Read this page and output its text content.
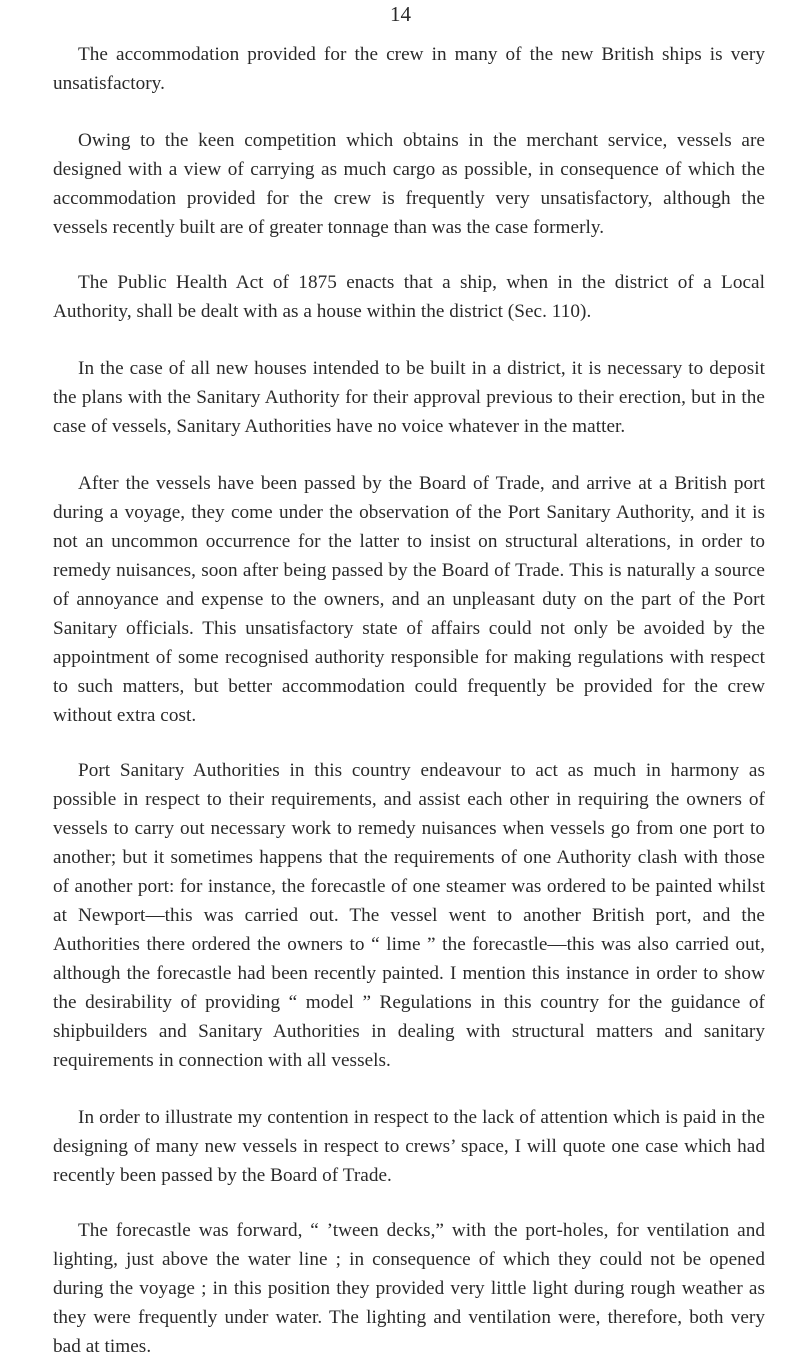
14

The accommodation provided for the crew in many of the new British ships is very unsatisfactory.

Owing to the keen competition which obtains in the merchant service, vessels are designed with a view of carrying as much cargo as possible, in consequence of which the accommodation provided for the crew is frequently very unsatisfactory, although the vessels recently built are of greater tonnage than was the case formerly.

The Public Health Act of 1875 enacts that a ship, when in the district of a Local Authority, shall be dealt with as a house within the district (Sec. 110).

In the case of all new houses intended to be built in a district, it is necessary to deposit the plans with the Sanitary Authority for their approval previous to their erection, but in the case of vessels, Sanitary Authorities have no voice whatever in the matter.

After the vessels have been passed by the Board of Trade, and arrive at a British port during a voyage, they come under the observation of the Port Sanitary Authority, and it is not an uncommon occurrence for the latter to insist on structural alterations, in order to remedy nuisances, soon after being passed by the Board of Trade. This is naturally a source of annoyance and expense to the owners, and an unpleasant duty on the part of the Port Sanitary officials. This unsatisfactory state of affairs could not only be avoided by the appointment of some recognised authority responsible for making regulations with respect to such matters, but better accommodation could frequently be provided for the crew without extra cost.

Port Sanitary Authorities in this country endeavour to act as much in harmony as possible in respect to their requirements, and assist each other in requiring the owners of vessels to carry out necessary work to remedy nuisances when vessels go from one port to another; but it sometimes happens that the requirements of one Authority clash with those of another port: for instance, the forecastle of one steamer was ordered to be painted whilst at Newport—this was carried out. The vessel went to another British port, and the Authorities there ordered the owners to “ lime ” the forecastle—this was also carried out, although the forecastle had been recently painted. I mention this instance in order to show the desirability of providing “ model ” Regulations in this country for the guidance of shipbuilders and Sanitary Authorities in dealing with structural matters and sanitary requirements in connection with all vessels.

In order to illustrate my contention in respect to the lack of attention which is paid in the designing of many new vessels in respect to crews’ space, I will quote one case which had recently been passed by the Board of Trade.

The forecastle was forward, “ ’tween decks,” with the port-holes, for ventilation and lighting, just above the water line ; in consequence of which they could not be opened during the voyage ; in this position they provided very little light during rough weather as they were frequently under water. The lighting and ventilation were, therefore, both very bad at times.
